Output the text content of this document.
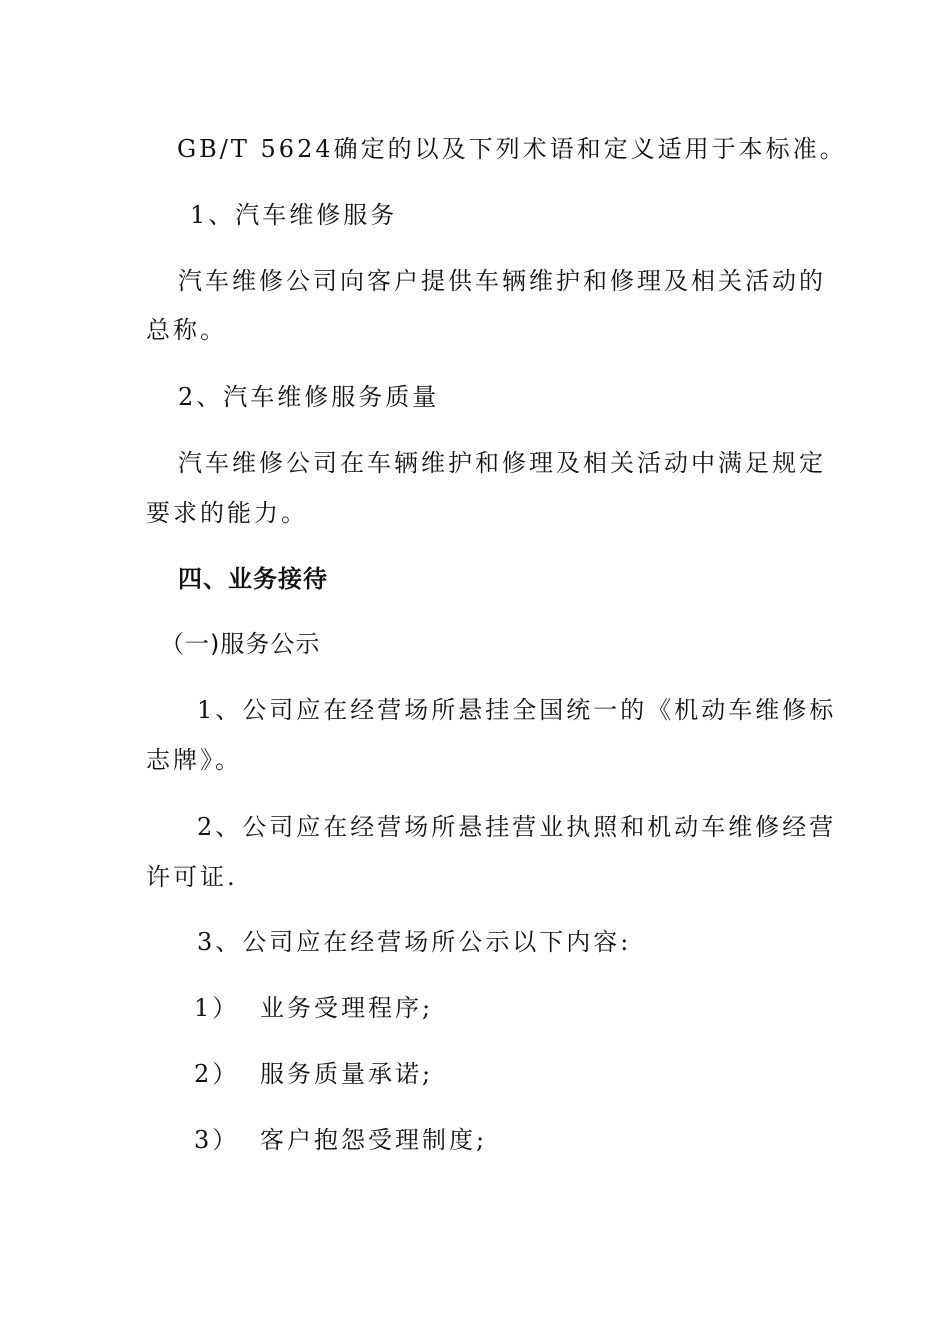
GB/T 5624确定的以及下列术语和定义适用于本标准。
1、汽车维修服务
汽车维修公司向客户提供车辆维护和修理及相关活动的
总称。
2、汽车维修服务质量
汽车维修公司在车辆维护和修理及相关活动中满足规定
要求的能力。
四、业务接待
（一)服务公示
1、公司应在经营场所悬挂全国统一的《机动车维修标
志牌》。
2、公司应在经营场所悬挂营业执照和机动车维修经营
许可证.
3、公司应在经营场所公示以下内容:
1） 业务受理程序;
2） 服务质量承诺;
3） 客户抱怨受理制度;
